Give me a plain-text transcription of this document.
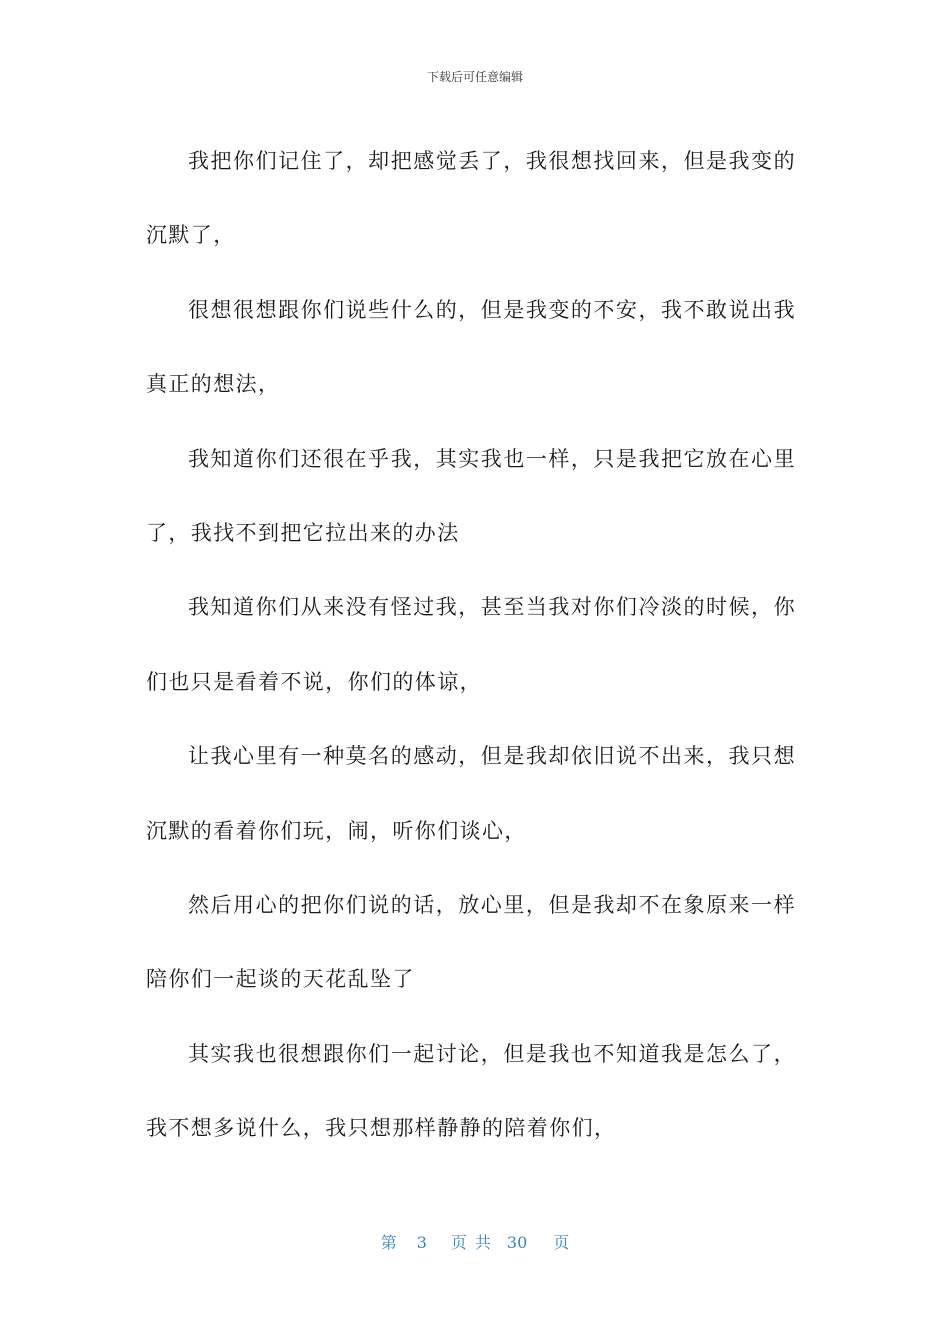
下载后可任意编辑

我把你们记住了，却把感觉丢了，我很想找回来，但是我变的沉默了，

很想很想跟你们说些什么的，但是我变的不安，我不敢说出我真正的想法，

我知道你们还很在乎我，其实我也一样，只是我把它放在心里了，我找不到把它拉出来的办法

我知道你们从来没有怪过我，甚至当我对你们冷淡的时候，你们也只是看着不说，你们的体谅，

让我心里有一种莫名的感动，但是我却依旧说不出来，我只想沉默的看着你们玩，闹，听你们谈心，

然后用心的把你们说的话，放心里，但是我却不在象原来一样陪你们一起谈的天花乱坠了

其实我也很想跟你们一起讨论，但是我也不知道我是怎么了，我不想多说什么，我只想那样静静的陪着你们，

第 3 页 共 30 页
